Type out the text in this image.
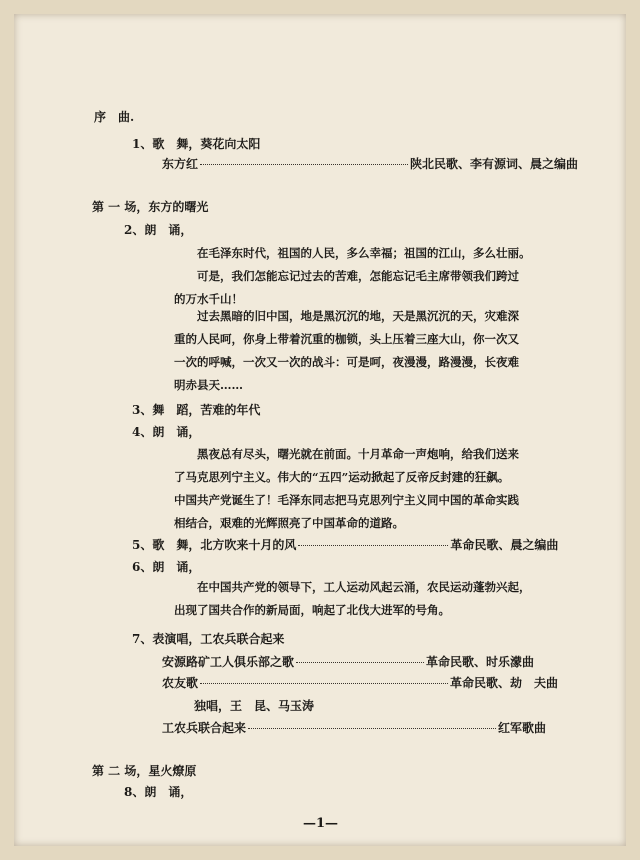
序　曲.
1、歌　舞，葵花向太阳
东方红	陕北民歌、李有源词、晨之编曲
第 一 场，东方的曙光
2、朗　诵，
在毛泽东时代，祖国的人民，多么幸福；祖国的江山，多么壮丽。
可是，我们怎能忘记过去的苦难，怎能忘记毛主席带领我们跨过
的万水千山！
过去黑暗的旧中国，地是黑沉沉的地，天是黑沉沉的天，灾难深
重的人民呵，你身上带着沉重的枷锁，头上压着三座大山，你一次又
一次的呼喊，一次又一次的战斗：可是呵，夜漫漫，路漫漫，长夜难
明赤县天……
3、舞　蹈，苦难的年代
4、朗　诵，
黑夜总有尽头，曙光就在前面。十月革命一声炮响，给我们送来
了马克思列宁主义。伟大的“五四”运动掀起了反帝反封建的狂飙。
中国共产党诞生了！毛泽东同志把马克思列宁主义同中国的革命实践
相结合，艰难的光辉照亮了中国革命的道路。
5、歌　舞，北方吹来十月的风	革命民歌、晨之编曲
6、朗　诵，
在中国共产党的领导下，工人运动风起云涌，农民运动蓬勃兴起，
出现了国共合作的新局面，响起了北伐大进军的号角。
7、表演唱，工农兵联合起来
安源路矿工人俱乐部之歌	革命民歌、时乐濛曲
农友歌	革命民歌、劫　夫曲
独唱，王　昆、马玉涛
工农兵联合起来	红军歌曲
第 二 场，星火燎原
8、朗　诵，
—1—
